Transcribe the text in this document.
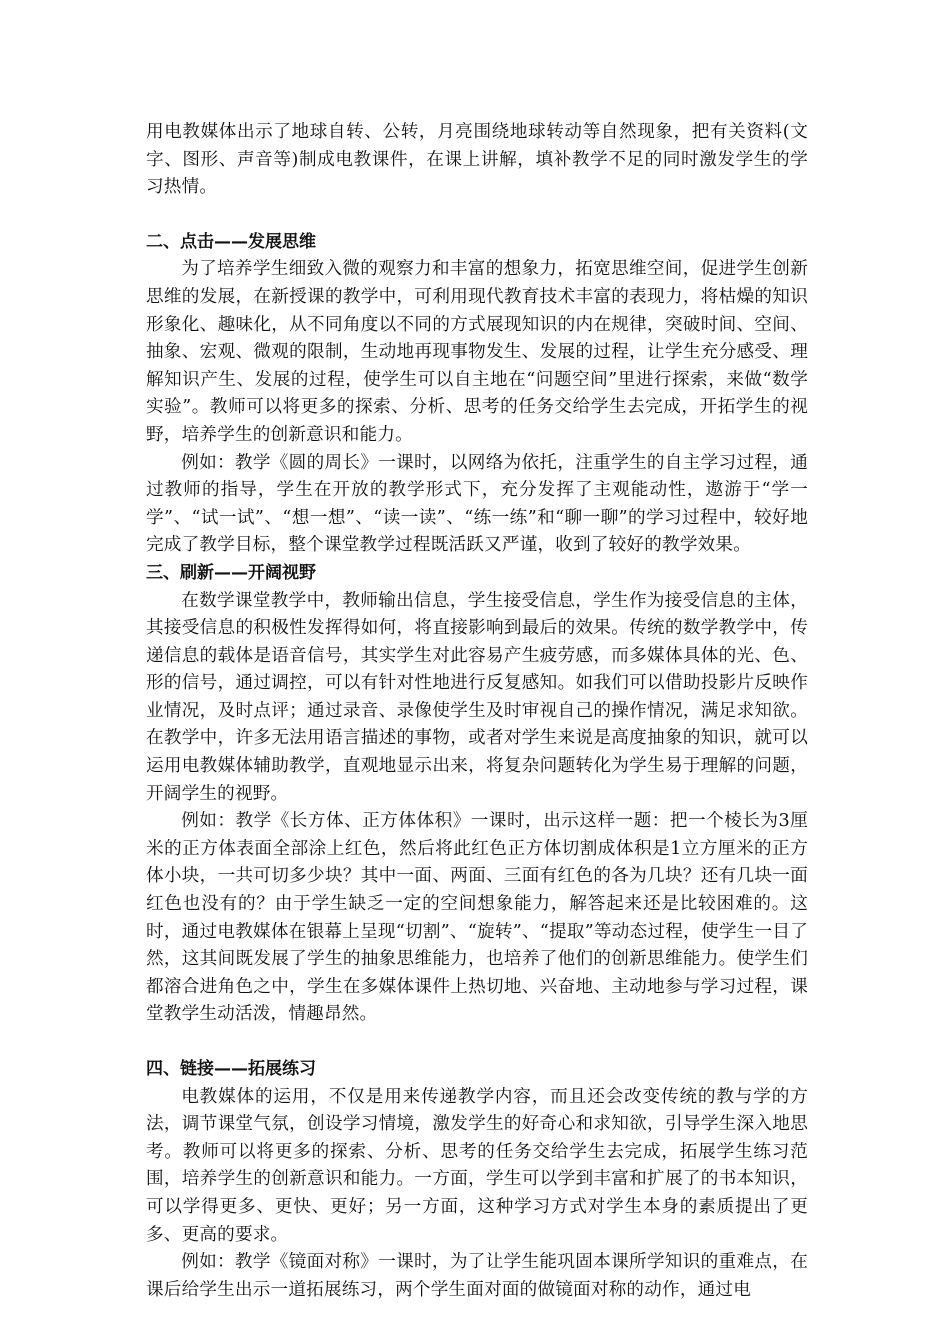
用电教媒体出示了地球自转、公转，月亮围绕地球转动等自然现象，把有关资料(文字、图形、声音等)制成电教课件，在课上讲解，填补教学不足的同时激发学生的学习热情。

二、点击——发展思维

为了培养学生细致入微的观察力和丰富的想象力，拓宽思维空间，促进学生创新思维的发展，在新授课的教学中，可利用现代教育技术丰富的表现力，将枯燥的知识形象化、趣味化，从不同角度以不同的方式展现知识的内在规律，突破时间、空间、抽象、宏观、微观的限制，生动地再现事物发生、发展的过程，让学生充分感受、理解知识产生、发展的过程，使学生可以自主地在“问题空间”里进行探索，来做“数学实验”。教师可以将更多的探索、分析、思考的任务交给学生去完成，开拓学生的视野，培养学生的创新意识和能力。

例如：教学《圆的周长》一课时，以网络为依托，注重学生的自主学习过程，通过教师的指导，学生在开放的教学形式下，充分发挥了主观能动性，遨游于“学一学”、“试一试”、“想一想”、“读一读”、“练一练”和“聊一聊”的学习过程中，较好地完成了教学目标，整个课堂教学过程既活跃又严谨，收到了较好的教学效果。

三、刷新——开阔视野

在数学课堂教学中，教师输出信息，学生接受信息，学生作为接受信息的主体，其接受信息的积极性发挥得如何，将直接影响到最后的效果。传统的数学教学中，传递信息的载体是语音信号，其实学生对此容易产生疲劳感，而多媒体具体的光、色、形的信号，通过调控，可以有针对性地进行反复感知。如我们可以借助投影片反映作业情况，及时点评；通过录音、录像使学生及时审视自己的操作情况，满足求知欲。在教学中，许多无法用语言描述的事物，或者对学生来说是高度抽象的知识，就可以运用电教媒体辅助教学，直观地显示出来，将复杂问题转化为学生易于理解的问题，开阔学生的视野。

例如：教学《长方体、正方体体积》一课时，出示这样一题：把一个棱长为3厘米的正方体表面全部涂上红色，然后将此红色正方体切割成体积是1立方厘米的正方体小块，一共可切多少块？其中一面、两面、三面有红色的各为几块？还有几块一面红色也没有的？由于学生缺乏一定的空间想象能力，解答起来还是比较困难的。这时，通过电教媒体在银幕上呈现“切割”、“旋转”、“提取”等动态过程，使学生一目了然，这其间既发展了学生的抽象思维能力，也培养了他们的创新思维能力。使学生们都溶合进角色之中，学生在多媒体课件上热切地、兴奋地、主动地参与学习过程，课堂教学生动活泼，情趣昂然。

四、链接——拓展练习

电教媒体的运用，不仅是用来传递教学内容，而且还会改变传统的教与学的方法，调节课堂气氛，创设学习情境，激发学生的好奇心和求知欲，引导学生深入地思考。教师可以将更多的探索、分析、思考的任务交给学生去完成，拓展学生练习范围，培养学生的创新意识和能力。一方面，学生可以学到丰富和扩展了的书本知识，可以学得更多、更快、更好；另一方面，这种学习方式对学生本身的素质提出了更多、更高的要求。

例如：教学《镜面对称》一课时，为了让学生能巩固本课所学知识的重难点，在课后给学生出示一道拓展练习，两个学生面对面的做镜面对称的动作，通过电
